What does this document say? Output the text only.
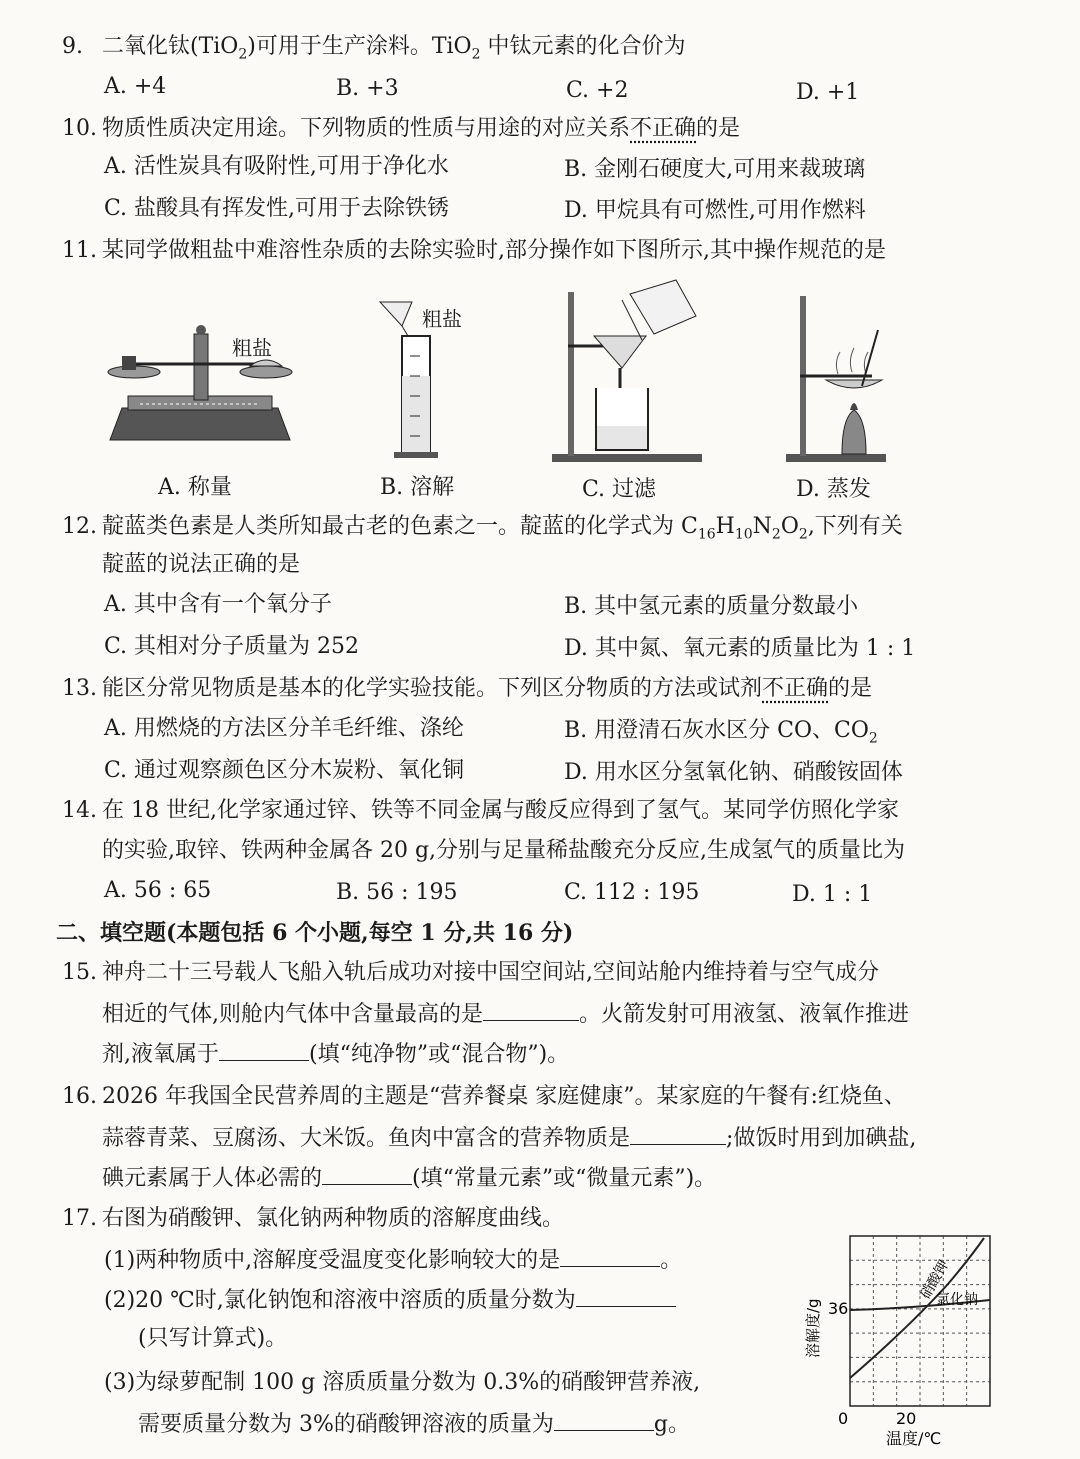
9. 二氧化钛(TiO$_2$)可用于生产涂料。TiO$_2$ 中钛元素的化合价为
A. +4	B. +3	C. +2	D. +1
10. 物质性质决定用途。下列物质的性质与用途的对应关系不正确的是
A. 活性炭具有吸附性,可用于净化水	B. 金刚石硬度大,可用来裁玻璃
C. 盐酸具有挥发性,可用于去除铁锈	D. 甲烷具有可燃性,可用作燃料
11. 某同学做粗盐中难溶性杂质的去除实验时,部分操作如下图所示,其中操作规范的是
粗盐
粗盐
A. 称量	B. 溶解	C. 过滤	D. 蒸发
12. 靛蓝类色素是人类所知最古老的色素之一。靛蓝的化学式为 $C_{16}H_{10}N_2O_2$,下列有关
靛蓝的说法正确的是
A. 其中含有一个氧分子	B. 其中氢元素的质量分数最小
C. 其相对分子质量为 252	D. 其中氮、氧元素的质量比为 1 : 1
13. 能区分常见物质是基本的化学实验技能。下列区分物质的方法或试剂不正确的是
A. 用燃烧的方法区分羊毛纤维、涤纶	B. 用澄清石灰水区分 CO、$CO_2$
C. 通过观察颜色区分木炭粉、氧化铜	D. 用水区分氢氧化钠、硝酸铵固体
14. 在 18 世纪,化学家通过锌、铁等不同金属与酸反应得到了氢气。某同学仿照化学家
的实验,取锌、铁两种金属各 20 g,分别与足量稀盐酸充分反应,生成氢气的质量比为
A. 56 : 65	B. 56 : 195	C. 112 : 195	D. 1 : 1
二、填空题(本题包括 6 个小题,每空 1 分,共 16 分)
15. 神舟二十三号载人飞船入轨后成功对接中国空间站,空间站舱内维持着与空气成分
相近的气体,则舱内气体中含量最高的是	。火箭发射可用液氢、液氧作推进
剂,液氧属于	(填“纯净物”或“混合物”)。
16. 2026 年我国全民营养周的主题是“营养餐桌 家庭健康”。某家庭的午餐有:红烧鱼、
蒜蓉青菜、豆腐汤、大米饭。鱼肉中富含的营养物质是	;做饭时用到加碘盐,
碘元素属于人体必需的	(填“常量元素”或“微量元素”)。
17. 右图为硝酸钾、氯化钠两种物质的溶解度曲线。
(1)两种物质中,溶解度受温度变化影响较大的是	。
(2)20 ℃时,氯化钠饱和溶液中溶质的质量分数为
(只写计算式)。
(3)为绿萝配制 100 g 溶质质量分数为 0.3%的硝酸钾营养液,
需要质量分数为 3%的硝酸钾溶液的质量为	g。
硝酸钾
氯化钠
溶解度/g 36
0	20
温度/℃
